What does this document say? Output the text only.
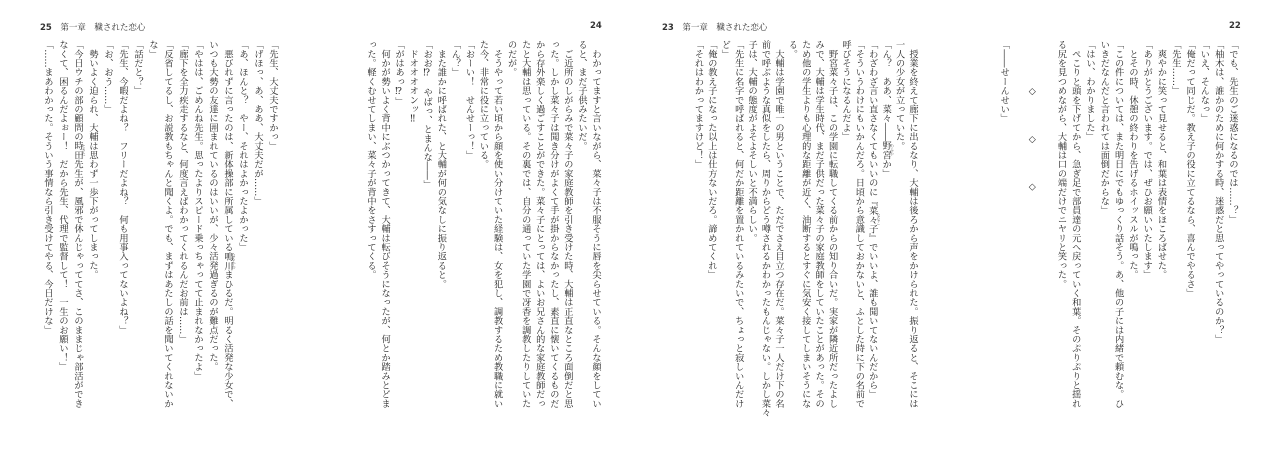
25　 第一章　 穢された恋心	24	23　 第一章　 穢された恋心	22
「でも、先生のご迷惑になるのでは……？」
「柚木は、誰かのために何かする時、迷惑だと思ってやっているのか？」
「いえ、そんなっ」
「俺だって同じだ。教え子の役に立てるなら、喜んでやるさ」
「先生……」
　爽やかに笑って見せると、和葉は表情をほころばせた。
「ありがとうございます。では、ぜひお願いいたします」
　とその時、休憩の終わりを告げるホイッスルが鳴った。
「この件については、また明日にでもゆっくり話そう。あ、他の子には内緒で頼むな。ひ
いきだなんだと言われては面倒だからな」
「はい、わかりました」
　ぺこりと頭を下げてから、急ぎ足で部員達の元へ戻っていく和葉。そのぷりぷりと揺れ
る尻を見つめながら、大輔は口の端だけでニヤリと笑った。

　　　　　◇　　　　◇　　　　◇

「――せーんせい」
　授業を終えて廊下に出るなり、大輔は後ろから声をかけられた。振り返ると、そこには
一人の少女が立っていた。
「ん？　ああ、菜々――野宮
のみや
か」
「わざわざ言い直さなくてもいいのに『菜々子
ななこ
』でいいよ、誰も聞いてないんだから」
「そういうわけにもいかんだろ。日頃から意識しておかないと、ふとした時に下の名前で
呼びそうになるんだよ」
　野宮菜々子は、この学園に転職してくる前からの知り合いだ。実家が隣近所だったよし
みで、大輔は学生時代、まだ子供だった菜々子の家庭教師をしていたことがあった。その
ため他の学生よりも心理的な距離が近く、油断するとすぐに気安く接してしまいそうにな
る。
　大輔は学園で唯一の男ということで、ただでさえ目立つ存在だ。菜々子一人だけ下の名
前で呼ぶような真似をしたら、周りからどう噂されるかわかったもんじゃない。しかし菜々
子は、大輔の態度がよそよそしいと不満らしい。
「先生に名字で呼ばれると、何だか距離を置かれているみたいで、ちょっと寂しいんだけ
ど」
「俺の教え子になった以上は仕方ないだろ。諦めてくれ」
「それはわかってますけど！」
　わかってますと言いながら、菜々子は不服そうに唇を尖らせている。そんな顔をしてい
ると、まだ子供みたいだ。
　ご近所のしがらみで菜々子の家庭教師を引き受けた時、大輔は正直なところ面倒だと思
った。しかし菜々子は聞き分けがよくて手が掛からなかったし、素直に懐いてくるものだ
から存外楽しく過ごすことができた。菜々子にとっては、よいお兄さん的な家庭教師だっ
たと大輔は思っている。その裏では、自分の通っていた学園で冴香を調教したりしていた
のだが。
　そうやって若い頃から顔を使い分けていた経験は、女を犯し、調教するため教職に就い
た今、非常に役に立っている。
「おーい！　せんせーっ！」
「ん？」
　また誰かに呼ばれた、と大輔が何の気なしに振り返ると。
「おお⁉　やばっ、とまんな――」
　ドオオオオンッ‼
「がはあっ⁉」
　何かが勢いよく背中にぶつかってきて、大輔は転びそうになったが、何とか踏みとどま
った。軽くむせてしまい、菜々子が背中をさすってくる。
「先生、大丈夫ですかっ」
「げほっ、あ、ああ、大丈夫だが……」
「あ、ほんと？　やー、それはよかったよかった」
　悪びれずに言ったのは、新体操部に所属している鳴川
なるかわ
まひるだ。明るく活発な少女で、
いつも大勢の友達に囲まれているのはいいが、少々活発過ぎるのが難点だった。
「やはは、ごめんね先生。思ったよりスピード乗っちゃってて止まれなかったよ」
「廊下を全力疾走するなと、何度言えばわかってくれるんだお前は……」
「反省してるし、お説教もちゃんと聞くよ。でも、まずはあたしの話を聞いてくれないか
な」
「話だと？」
「先生、今暇だよね？　フリーだよね？　何も用事入ってないよね？」
「お、おう……」
　勢いよく迫られ、大輔は思わず一歩下がってしまった。
「今日ウチの部の顧問の時田
ときた
先生が、風邪で休んじゃっててさ、このままじゃ部活ができ
なくて、困るんだよぉー！　だから先生、代理で監督して！　一生のお願い！」
「……まあわかった。そういう事情なら引き受けてやる、今日だけな」
